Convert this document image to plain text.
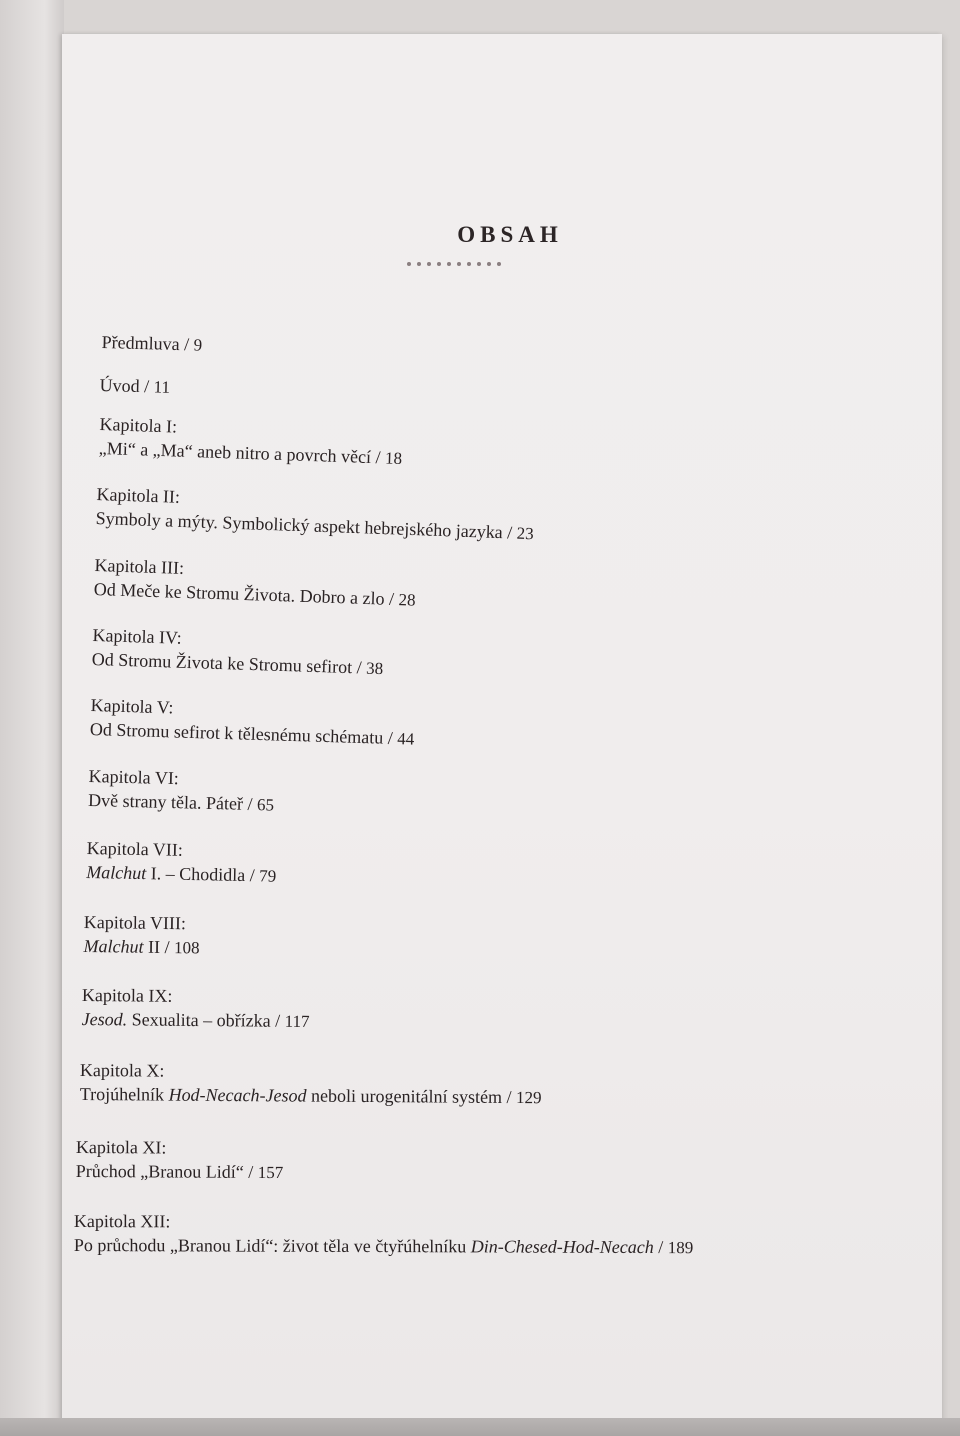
OBSAH
Předmluva / 9
Úvod / 11
Kapitola I:
„Mi“ a „Ma“ aneb nitro a povrch věcí / 18
Kapitola II:
Symboly a mýty. Symbolický aspekt hebrejského jazyka / 23
Kapitola III:
Od Meče ke Stromu Života. Dobro a zlo / 28
Kapitola IV:
Od Stromu Života ke Stromu sefirot / 38
Kapitola V:
Od Stromu sefirot k tělesnému schématu / 44
Kapitola VI:
Dvě strany těla. Páteř / 65
Kapitola VII:
Malchut I. – Chodidla / 79
Kapitola VIII:
Malchut II / 108
Kapitola IX:
Jesod. Sexualita – obřízka / 117
Kapitola X:
Trojúhelník Hod-Necach-Jesod neboli urogenitální systém / 129
Kapitola XI:
Průchod „Branou Lidí“ / 157
Kapitola XII:
Po průchodu „Branou Lidí“: život těla ve čtyřúhelníku Din-Chesed-Hod-Necach / 189
